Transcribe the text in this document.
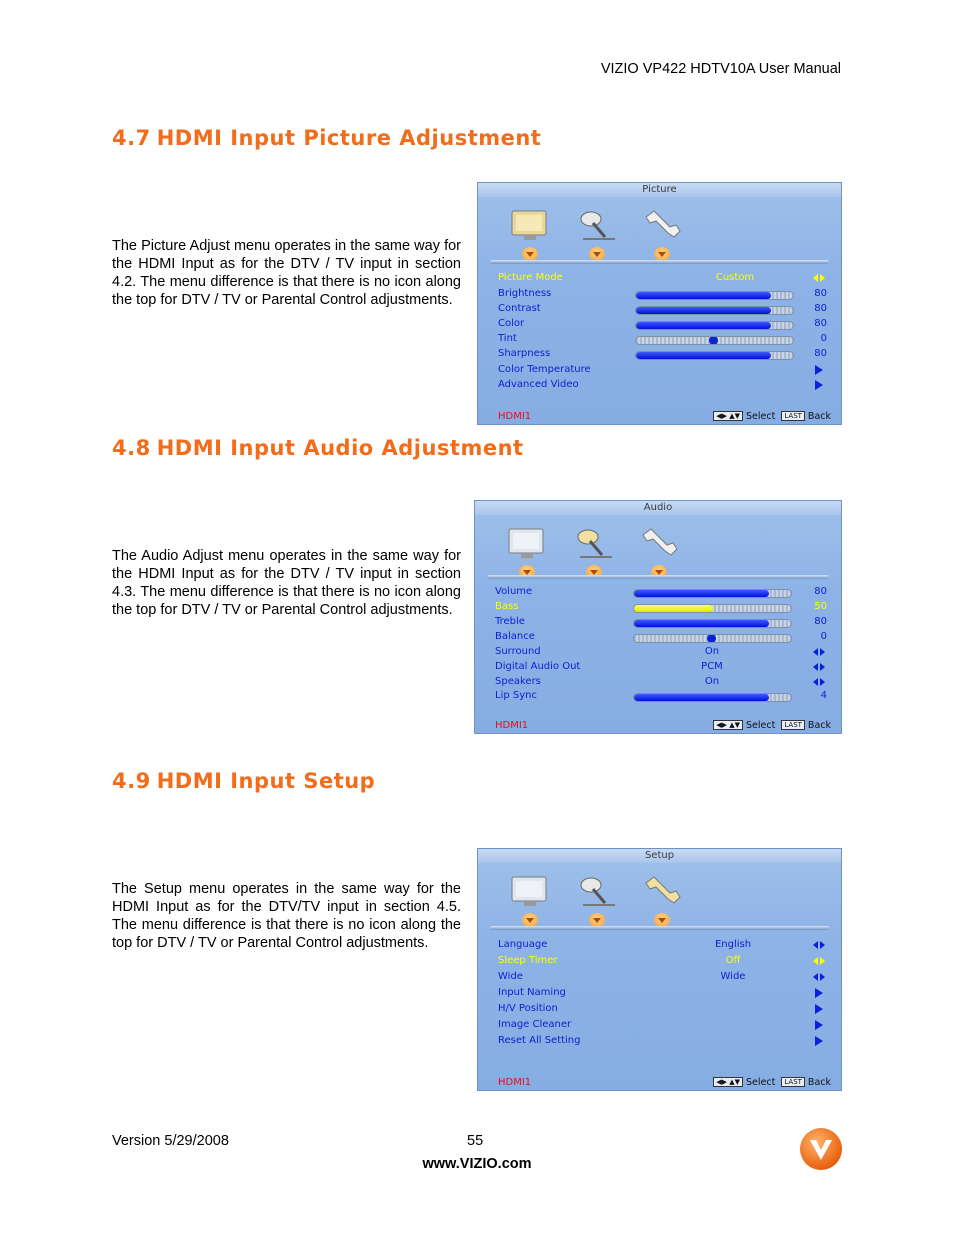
VIZIO VP422 HDTV10A User Manual
4.7 HDMI Input Picture Adjustment
The Picture Adjust menu operates in the same way for the HDMI Input as for the DTV / TV input in section 4.2. The menu difference is that there is no icon along the top for DTV / TV or Parental Control adjustments.
Picture
Picture Mode	Custom
Brightness	80
Contrast	80
Color	80
Tint	0
Sharpness	80
Color Temperature
Advanced Video
HDMI1	◀▶ ▲▼ Select LAST Back
4.8 HDMI Input Audio Adjustment
The Audio Adjust menu operates in the same way for the HDMI Input as for the DTV / TV input in section 4.3. The menu difference is that there is no icon along the top for DTV / TV or Parental Control adjustments.
Audio
Volume	80
Bass	50
Treble	80
Balance	0
Surround	On
Digital Audio Out	PCM
Speakers	On
Lip Sync	4
HDMI1	◀▶ ▲▼ Select LAST Back
4.9 HDMI Input Setup
The Setup menu operates in the same way for the HDMI Input as for the DTV/TV input in section 4.5. The menu difference is that there is no icon along the top for DTV / TV or Parental Control adjustments.
Setup
Language	English
Sleep Timer	Off
Wide	Wide
Input Naming
H/V Position
Image Cleaner
Reset All Setting
HDMI1	◀▶ ▲▼ Select LAST Back
Version 5/29/2008	55
www.VIZIO.com
